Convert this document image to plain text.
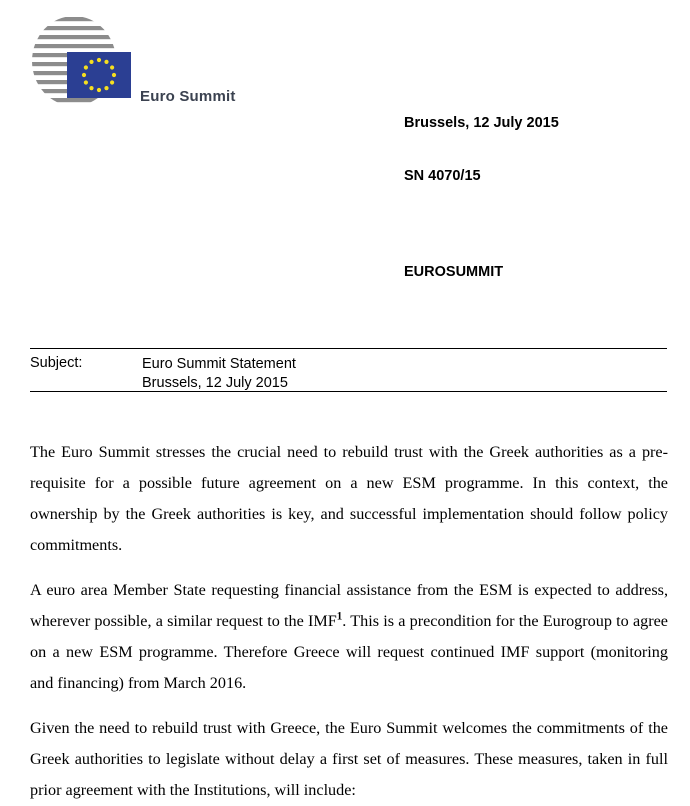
Euro Summit
Brussels, 12 July 2015
SN 4070/15
EUROSUMMIT
Subject:	Euro Summit Statement
Brussels, 12 July 2015

The Euro Summit stresses the crucial need to rebuild trust with the Greek authorities as a pre-requisite for a possible future agreement on a new ESM programme. In this context, the ownership by the Greek authorities is key, and successful implementation should follow policy commitments.

A euro area Member State requesting financial assistance from the ESM is expected to address, wherever possible, a similar request to the IMF$^1$. This is a precondition for the Eurogroup to agree on a new ESM programme. Therefore Greece will request continued IMF support (monitoring and financing) from March 2016.

Given the need to rebuild trust with Greece, the Euro Summit welcomes the commitments of the Greek authorities to legislate without delay a first set of measures. These measures, taken in full prior agreement with the Institutions, will include:
